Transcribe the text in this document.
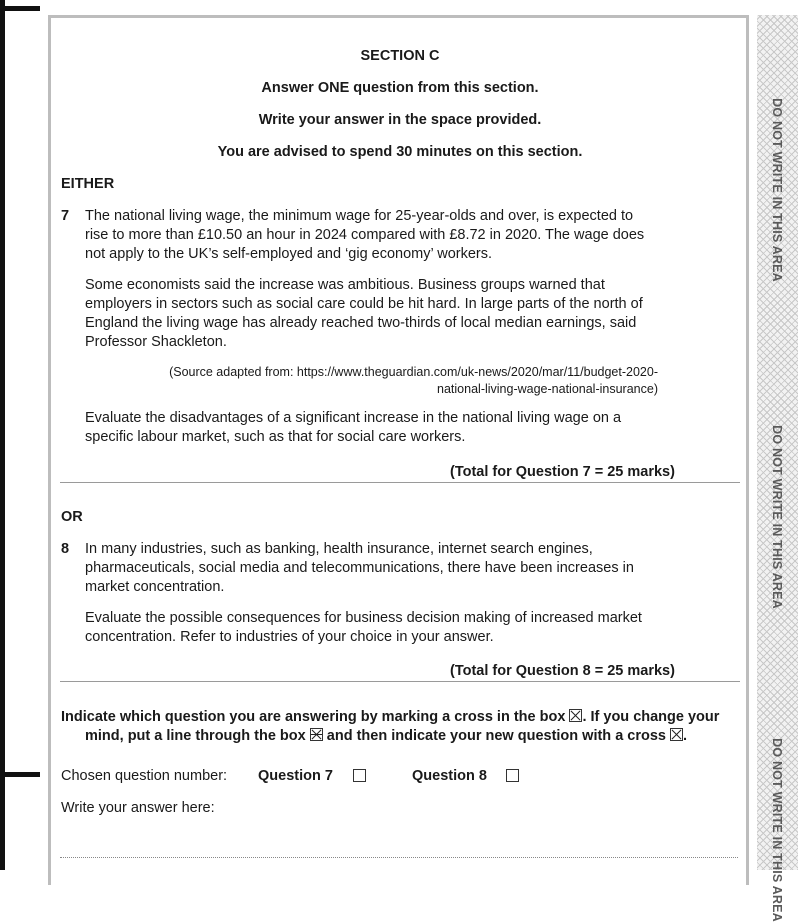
DO NOT WRITE IN THIS AREA
DO NOT WRITE IN THIS AREA
DO NOT WRITE IN THIS AREA

SECTION C

Answer ONE question from this section.

Write your answer in the space provided.

You are advised to spend 30 minutes on this section.

EITHER

7 The national living wage, the minimum wage for 25-year-olds and over, is expected to rise to more than £10.50 an hour in 2024 compared with £8.72 in 2020. The wage does not apply to the UK’s self-employed and ‘gig economy’ workers.

Some economists said the increase was ambitious. Business groups warned that employers in sectors such as social care could be hit hard. In large parts of the north of England the living wage has already reached two-thirds of local median earnings, said Professor Shackleton.

(Source adapted from: https://www.theguardian.com/uk-news/2020/mar/11/budget-2020-
national-living-wage-national-insurance)

Evaluate the disadvantages of a significant increase in the national living wage on a specific labour market, such as that for social care workers.

(Total for Question 7 = 25 marks)

OR

8 In many industries, such as banking, health insurance, internet search engines, pharmaceuticals, social media and telecommunications, there have been increases in market concentration.

Evaluate the possible consequences for business decision making of increased market concentration. Refer to industries of your choice in your answer.

(Total for Question 8 = 25 marks)

Indicate which question you are answering by marking a cross in the box ☒. If you change your
mind, put a line through the box and then indicate your new question with a cross ☒.

Chosen question number: Question 7	Question 8

Write your answer here:
